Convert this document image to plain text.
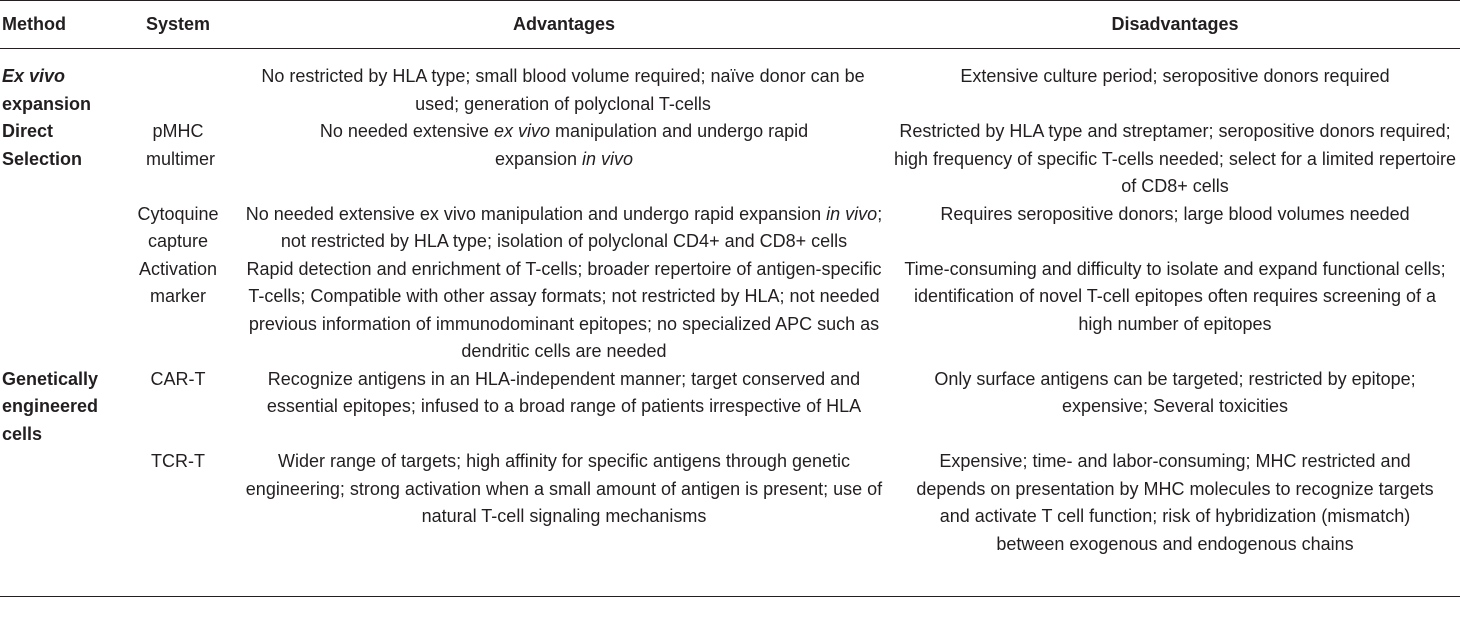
Method	System	Advantages	Disadvantages
Ex vivo
expansion		No restricted by HLA type; small blood volume required; naïve donor can be used; generation of polyclonal T-cells	Extensive culture period; seropositive donors required
Direct Selection	pMHC multimer	No needed extensive ex vivo manipulation and undergo rapid expansion in vivo	Restricted by HLA type and streptamer; seropositive donors required; high frequency of specific T-cells needed; select for a limited repertoire of CD8+ cells
	Cytoquine capture	No needed extensive ex vivo manipulation and undergo rapid expansion in vivo; not restricted by HLA type; isolation of polyclonal CD4+ and CD8+ cells	Requires seropositive donors; large blood volumes needed
	Activation marker	Rapid detection and enrichment of T-cells; broader repertoire of antigen-specific T-cells; Compatible with other assay formats; not restricted by HLA; not needed previous information of immunodominant epitopes; no specialized APC such as dendritic cells are needed	Time-consuming and difficulty to isolate and expand functional cells; identification of novel T-cell epitopes often requires screening of a high number of epitopes
Genetically engineered cells	CAR-T	Recognize antigens in an HLA-independent manner; target conserved and essential epitopes; infused to a broad range of patients irrespective of HLA	Only surface antigens can be targeted; restricted by epitope; expensive; Several toxicities
	TCR-T	Wider range of targets; high affinity for specific antigens through genetic engineering; strong activation when a small amount of antigen is present; use of natural T-cell signaling mechanisms	Expensive; time- and labor-consuming; MHC restricted and depends on presentation by MHC molecules to recognize targets and activate T cell function; risk of hybridization (mismatch) between exogenous and endogenous chains
